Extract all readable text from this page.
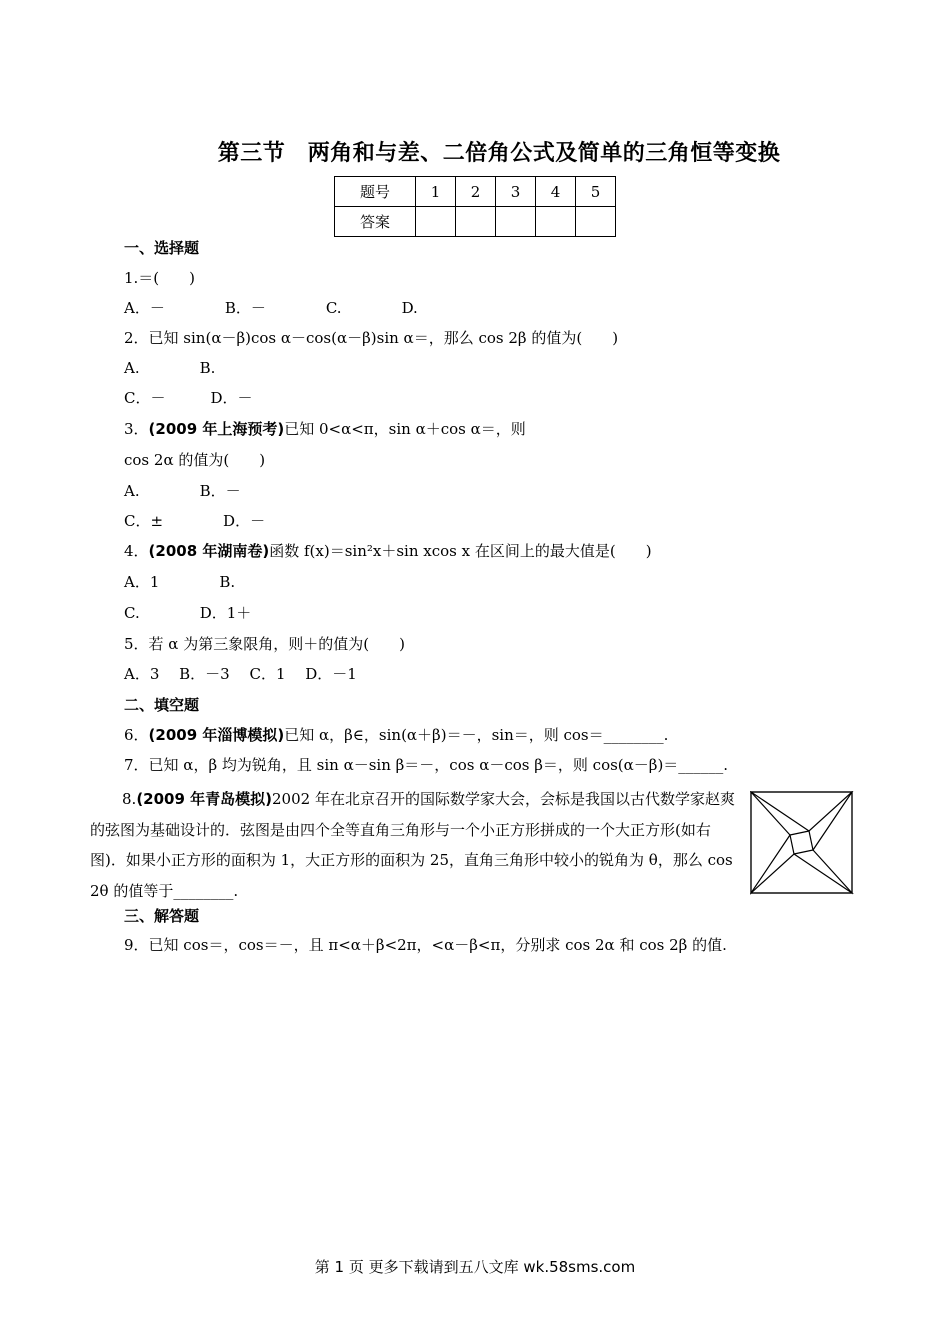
第三节　两角和与差、二倍角公式及简单的三角恒等变换
题号	1	2	3	4	5
答案					
一、选择题
1.＝(　　)
A．－　　　　B．－　　　　C.　　　　D.
2．已知 sin(α－β)cos α－cos(α－β)sin α＝，那么 cos 2β 的值为(　　)
A.　　　　B.
C．－　　　D．－
3．(2009 年上海预考)已知 0<α<π，sin α＋cos α＝，则
cos 2α 的值为(　　)
A.　　　　B．－
C．±　　　　D．－
4．(2008 年湖南卷)函数 f(x)＝sin²x＋sin xcos x 在区间上的最大值是(　　)
A．1　　　　B.
C.　　　　D．1＋
5．若 α 为第三象限角，则＋的值为(　　)
A．3　 B．－3　 C．1　 D．－1
二、填空题
6．(2009 年淄博模拟)已知 α，β∈，sin(α＋β)＝－，sin＝，则 cos＝________.
7．已知 α，β 均为锐角，且 sin α－sin β＝－，cos α－cos β＝，则 cos(α－β)＝______.
8.(2009 年青岛模拟)2002 年在北京召开的国际数学家大会，会标是我国以古代数学家赵爽的弦图为基础设计的．弦图是由四个全等直角三角形与一个小正方形拼成的一个大正方形(如右图)．如果小正方形的面积为 1，大正方形的面积为 25，直角三角形中较小的锐角为 θ，那么 cos 2θ 的值等于________.
三、解答题
9．已知 cos＝，cos＝－，且 π<α＋β<2π，<α－β<π，分别求 cos 2α 和 cos 2β 的值.
第 1 页 更多下载请到五八文库 wk.58sms.com
